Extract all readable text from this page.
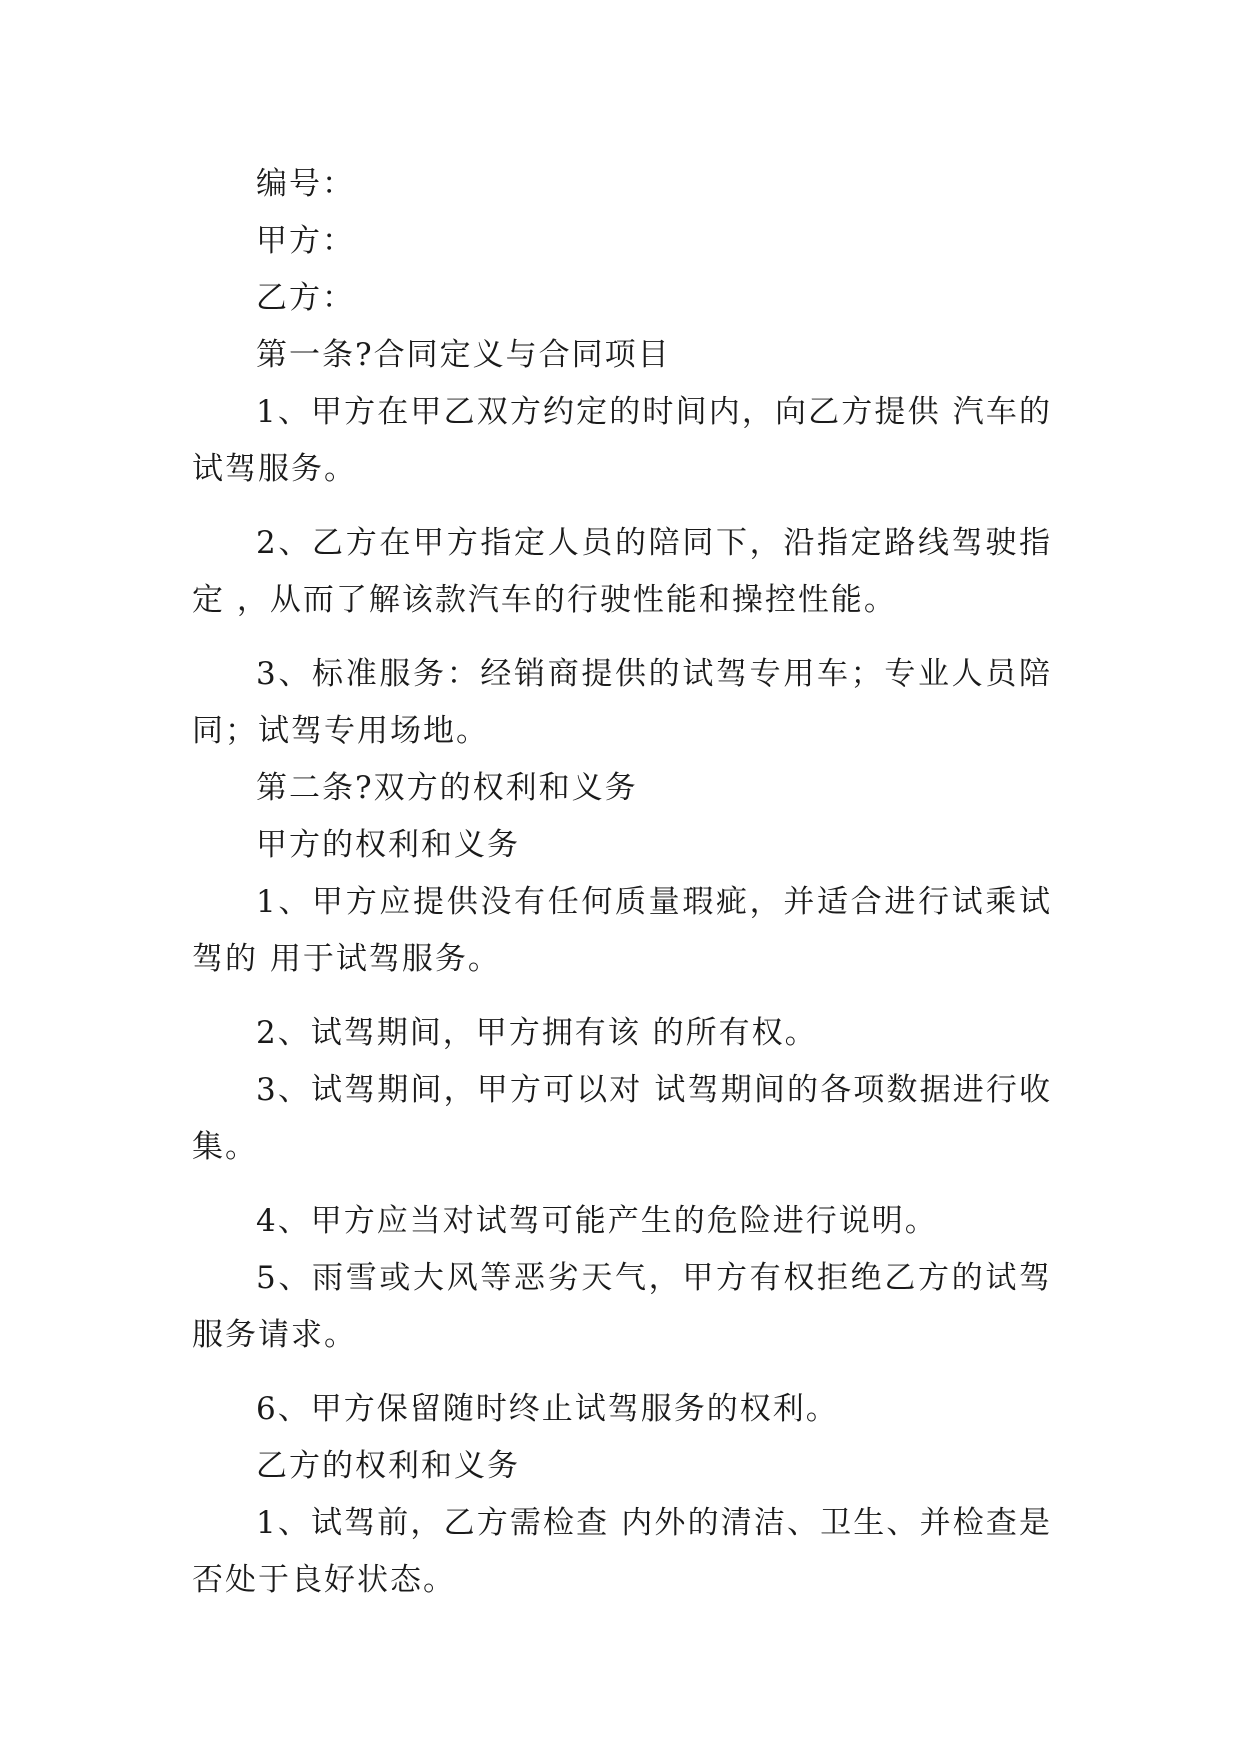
编号：

甲方：

乙方：

第一条?合同定义与合同项目

1、甲方在甲乙双方约定的时间内，向乙方提供 汽车的试驾服务。

2、乙方在甲方指定人员的陪同下，沿指定路线驾驶指定 ，从而了解该款汽车的行驶性能和操控性能。

3、标准服务：经销商提供的试驾专用车；专业人员陪同；试驾专用场地。

第二条?双方的权利和义务

甲方的权利和义务

1、甲方应提供没有任何质量瑕疵，并适合进行试乘试驾的 用于试驾服务。

2、试驾期间，甲方拥有该 的所有权。

3、试驾期间，甲方可以对 试驾期间的各项数据进行收集。

4、甲方应当对试驾可能产生的危险进行说明。

5、雨雪或大风等恶劣天气，甲方有权拒绝乙方的试驾服务请求。

6、甲方保留随时终止试驾服务的权利。

乙方的权利和义务

1、试驾前，乙方需检查 内外的清洁、卫生、并检查是否处于良好状态。
